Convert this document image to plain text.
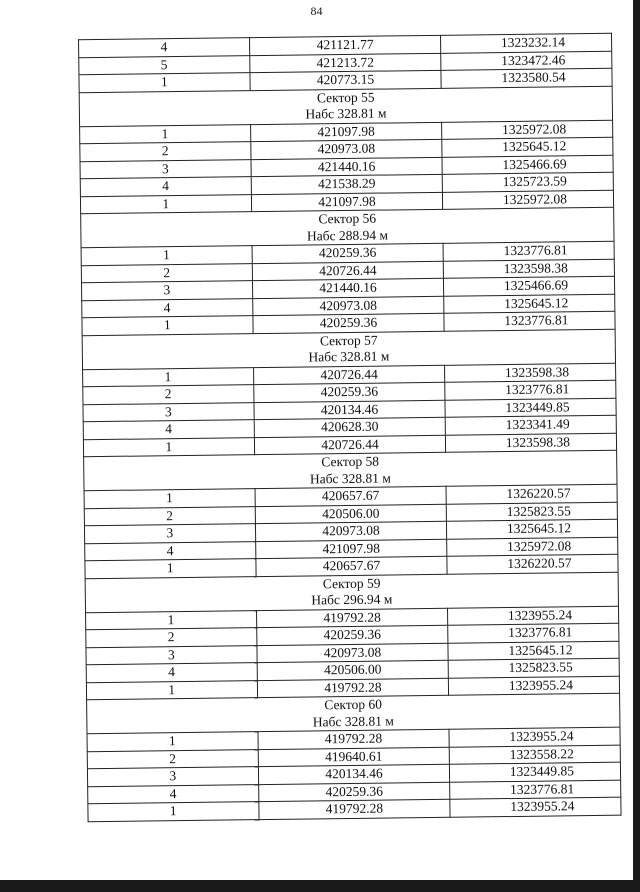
84
4	421121.77	1323232.14
5	421213.72	1323472.46
1	420773.15	1323580.54
Сектор 55		
Набс 328.81 м		
1	421097.98	1325972.08
2	420973.08	1325645.12
3	421440.16	1325466.69
4	421538.29	1325723.59
1	421097.98	1325972.08
Сектор 56		
Набс 288.94 м		
1	420259.36	1323776.81
2	420726.44	1323598.38
3	421440.16	1325466.69
4	420973.08	1325645.12
1	420259.36	1323776.81
Сектор 57		
Набс 328.81 м		
1	420726.44	1323598.38
2	420259.36	1323776.81
3	420134.46	1323449.85
4	420628.30	1323341.49
1	420726.44	1323598.38
Сектор 58		
Набс 328.81 м		
1	420657.67	1326220.57
2	420506.00	1325823.55
3	420973.08	1325645.12
4	421097.98	1325972.08
1	420657.67	1326220.57
Сектор 59		
Набс 296.94 м		
1	419792.28	1323955.24
2	420259.36	1323776.81
3	420973.08	1325645.12
4	420506.00	1325823.55
1	419792.28	1323955.24
Сектор 60		
Набс 328.81 м		
1	419792.28	1323955.24
2	419640.61	1323558.22
3	420134.46	1323449.85
4	420259.36	1323776.81
1	419792.28	1323955.24
